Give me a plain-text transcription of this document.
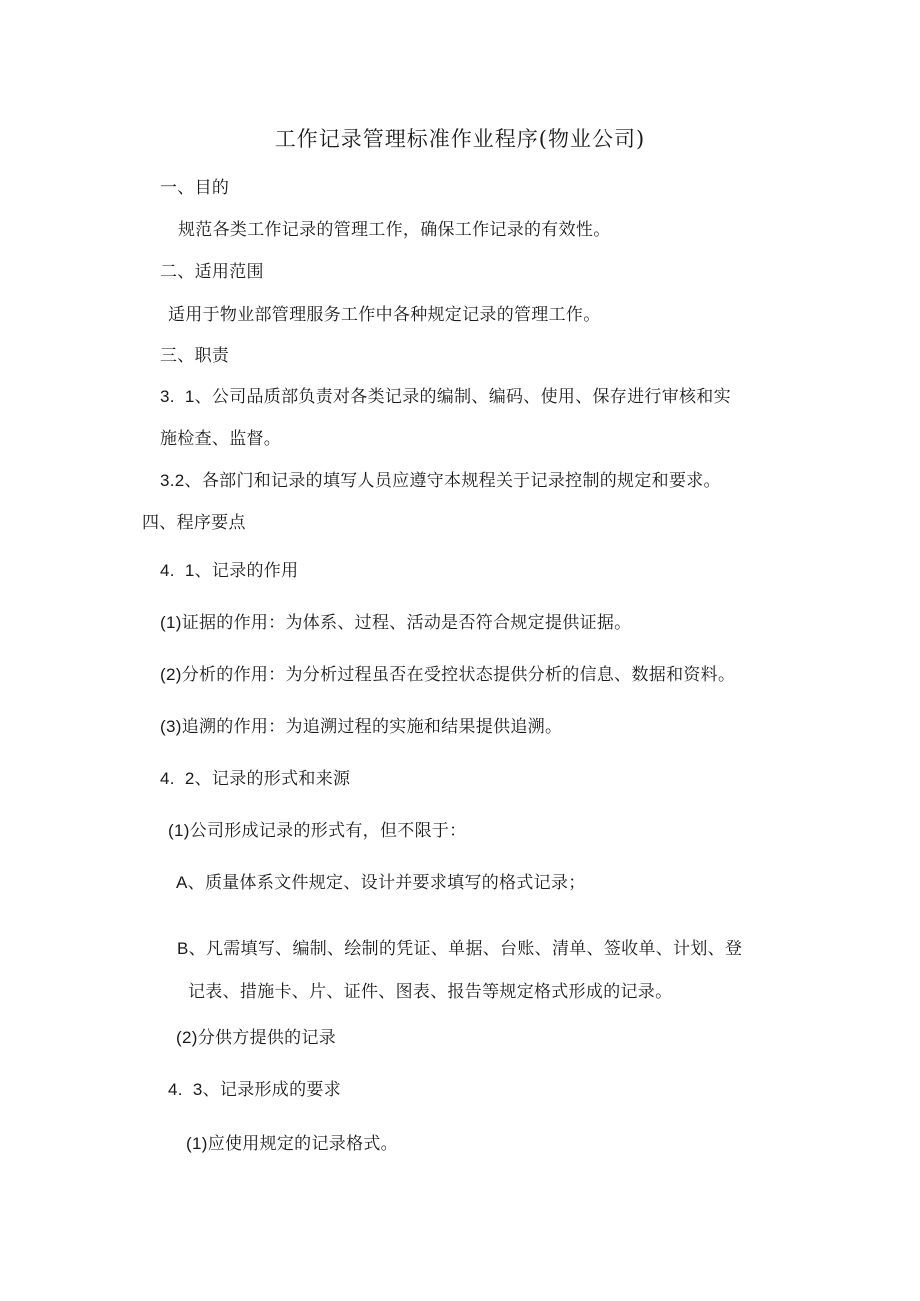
工作记录管理标准作业程序(物业公司)
一、目的
规范各类工作记录的管理工作，确保工作记录的有效性。
二、适用范围
适用于物业部管理服务工作中各种规定记录的管理工作。
三、职责
3.  1、公司品质部负责对各类记录的编制、编码、使用、保存进行审核和实
施检查、监督。
3.2、各部门和记录的填写人员应遵守本规程关于记录控制的规定和要求。
四、程序要点
4.  1、记录的作用
(1)证据的作用：为体系、过程、活动是否符合规定提供证据。
(2)分析的作用：为分析过程虽否在受控状态提供分析的信息、数据和资料。
(3)追溯的作用：为追溯过程的实施和结果提供追溯。
4.  2、记录的形式和来源
(1)公司形成记录的形式有，但不限于：
A、质量体系文件规定、设计并要求填写的格式记录；
B、凡需填写、编制、绘制的凭证、单据、台账、清单、签收单、计划、登
记表、措施卡、片、证件、图表、报告等规定格式形成的记录。
(2)分供方提供的记录
4.  3、记录形成的要求
(1)应使用规定的记录格式。
